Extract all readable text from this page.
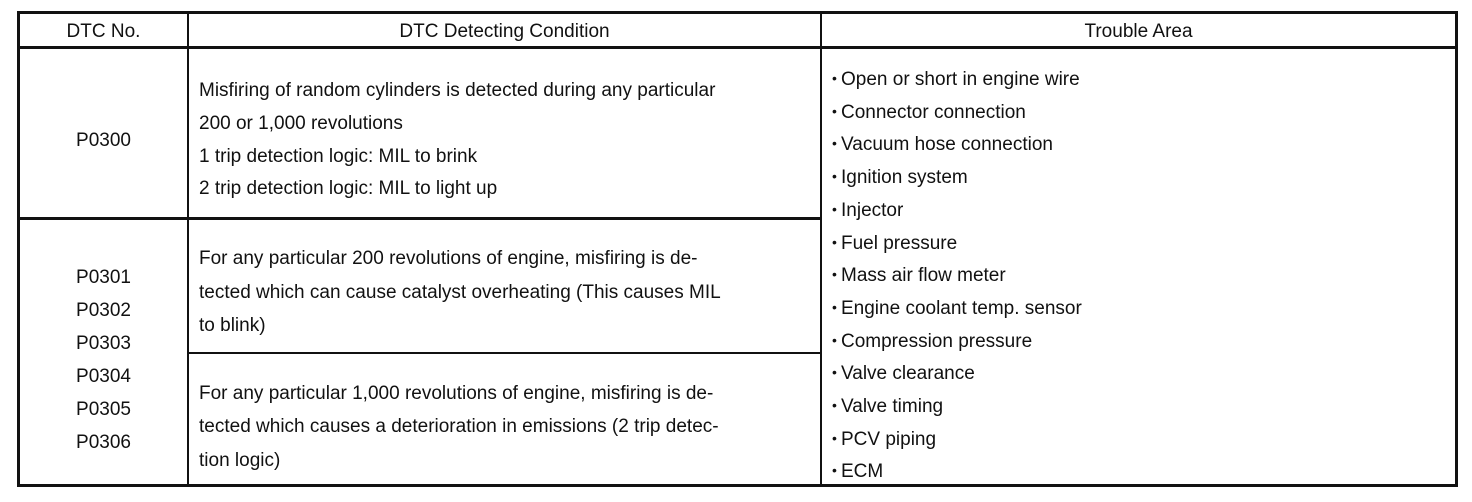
DTC No.	DTC Detecting Condition	Trouble Area
P0300
Misfiring of random cylinders is detected during any particular
200 or 1,000 revolutions
1 trip detection logic: MIL to brink
2 trip detection logic: MIL to light up
P0301
P0302
P0303
P0304
P0305
P0306
For any particular 200 revolutions of engine, misfiring is de-
tected which can cause catalyst overheating (This causes MIL
to blink)
For any particular 1,000 revolutions of engine, misfiring is de-
tected which causes a deterioration in emissions (2 trip detec-
tion logic)
• Open or short in engine wire
• Connector connection
• Vacuum hose connection
• Ignition system
• Injector
• Fuel pressure
• Mass air flow meter
• Engine coolant temp. sensor
• Compression pressure
• Valve clearance
• Valve timing
• PCV piping
• ECM
